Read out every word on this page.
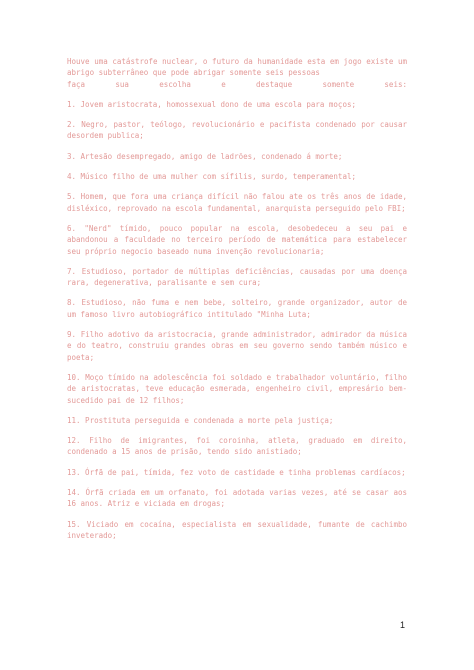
Houve uma catástrofe nuclear, o futuro da humanidade esta em jogo existe um abrigo subterrâneo que pode abrigar somente seis pessoas
faça sua escolha e destaque somente seis:

1. Jovem aristocrata, homossexual dono de uma escola para moços;
2. Negro, pastor, teólogo, revolucionário e pacifista condenado por causar desordem publica;
3. Artesão desempregado, amigo de ladrões, condenado á morte;
4. Músico filho de uma mulher com sífilis, surdo, temperamental;
5. Homem, que fora uma criança difícil não falou ate os três anos de idade, disléxico, reprovado na escola fundamental, anarquista perseguido pelo FBI;
6. "Nerd" tímido, pouco popular na escola, desobedeceu a seu pai e abandonou a faculdade no terceiro período de matemática para estabelecer seu próprio negocio baseado numa invenção revolucionaria;
7. Estudioso, portador de múltiplas deficiências, causadas por uma doença rara, degenerativa, paralisante e sem cura;
8. Estudioso, não fuma e nem bebe, solteiro, grande organizador, autor de um famoso livro autobiográfico intitulado "Minha Luta;
9. Filho adotivo da aristocracia, grande administrador, admirador da música e do teatro, construiu grandes obras em seu governo sendo também músico e poeta;
10. Moço tímido na adolescência foi soldado e trabalhador voluntário, filho de aristocratas, teve educação esmerada, engenheiro civil, empresário bem-sucedido pai de 12 filhos;
11. Prostituta perseguida e condenada a morte pela justiça;
12. Filho de imigrantes, foi coroinha, atleta, graduado em direito, condenado a 15 anos de prisão, tendo sido anistiado;
13. Órfã de pai, tímida, fez voto de castidade e tinha problemas cardíacos;
14. Órfã criada em um orfanato, foi adotada varias vezes, até se casar aos 16 anos. Atriz e viciada em drogas;
15. Viciado em cocaína, especialista em sexualidade, fumante de cachimbo inveterado;
1
